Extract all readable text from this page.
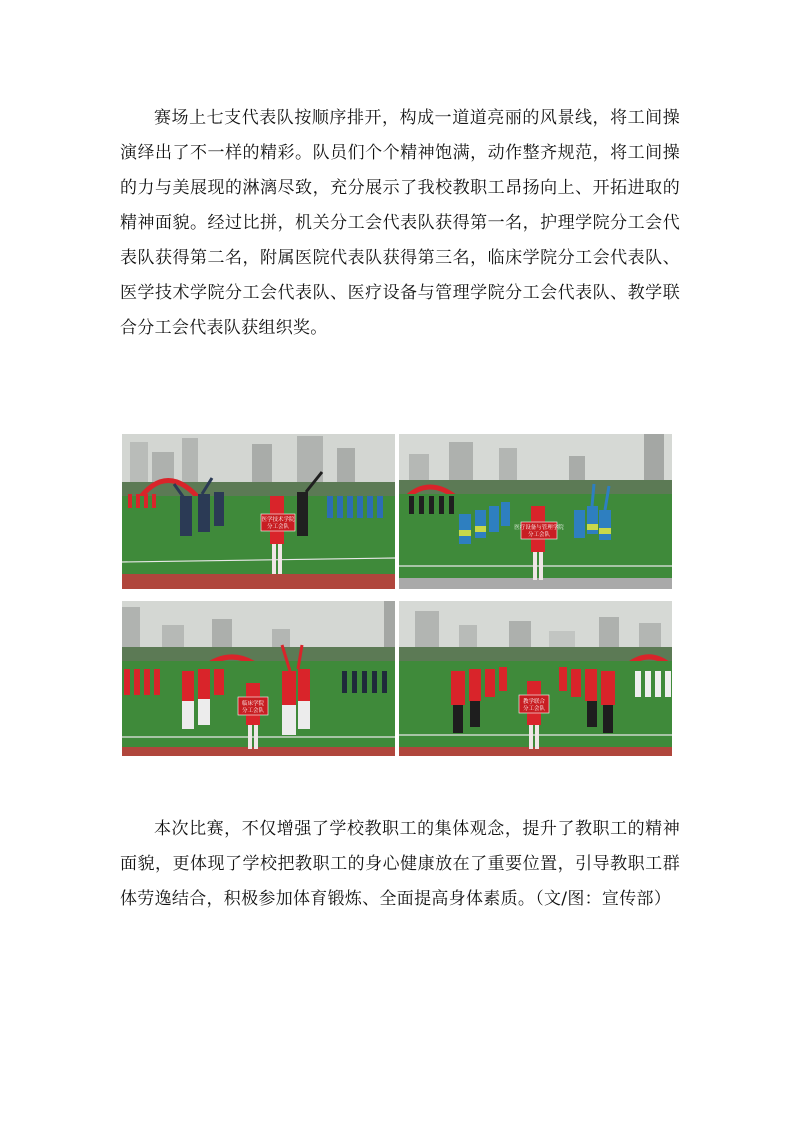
赛场上七支代表队按顺序排开，构成一道道亮丽的风景线，将工间操演绎出了不一样的精彩。队员们个个精神饱满，动作整齐规范，将工间操的力与美展现的淋漓尽致，充分展示了我校教职工昂扬向上、开拓进取的精神面貌。经过比拼，机关分工会代表队获得第一名，护理学院分工会代表队获得第二名，附属医院代表队获得第三名，临床学院分工会代表队、医学技术学院分工会代表队、医疗设备与管理学院分工会代表队、教学联合分工会代表队获组织奖。

医学技术学院
分工会队	医疗设备与管理学院
分工会队
临床学院
分工会队
教学联合
分工会队

本次比赛，不仅增强了学校教职工的集体观念，提升了教职工的精神面貌，更体现了学校把教职工的身心健康放在了重要位置，引导教职工群体劳逸结合，积极参加体育锻炼、全面提高身体素质。（文/图：宣传部）
